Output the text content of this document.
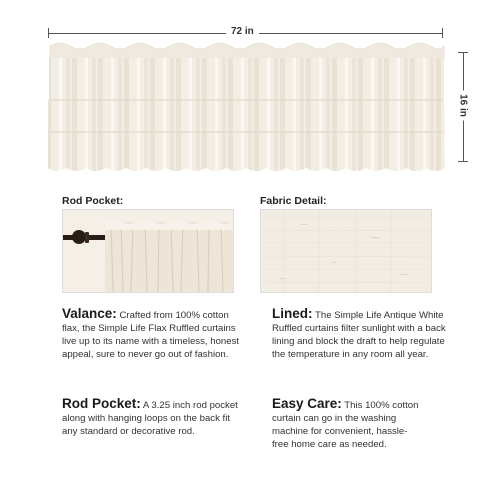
72 in
16 in
Rod Pocket:	Fabric Detail:
Valance: Crafted from 100% cotton flax, the Simple Life Flax Ruffled curtains live up to its name with a timeless, honest appeal, sure to never go out of fashion.
Lined: The Simple Life Antique White Ruffled curtains filter sunlight with a back lining and block the draft to help regulate the temperature in any room all year.
Rod Pocket: A 3.25 inch rod pocket along with hanging loops on the back fit any standard or decorative rod.
Easy Care: This 100% cotton curtain can go in the washing machine for convenient, hassle-free home care as needed.
